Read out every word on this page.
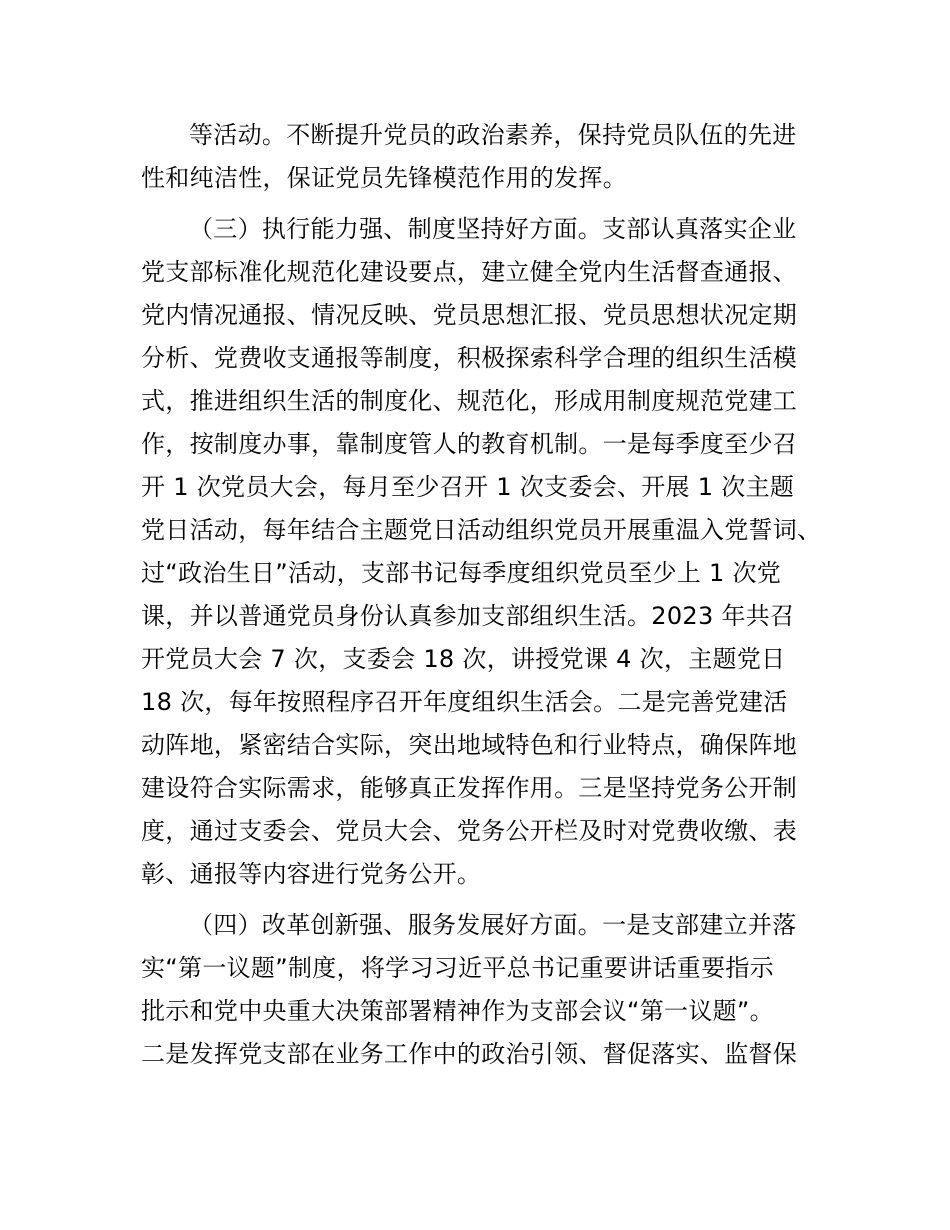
等活动。不断提升党员的政治素养，保持党员队伍的先进
性和纯洁性，保证党员先锋模范作用的发挥。
（三）执行能力强、制度坚持好方面。支部认真落实企业
党支部标准化规范化建设要点，建立健全党内生活督查通报、
党内情况通报、情况反映、党员思想汇报、党员思想状况定期
分析、党费收支通报等制度，积极探索科学合理的组织生活模
式，推进组织生活的制度化、规范化，形成用制度规范党建工
作，按制度办事，靠制度管人的教育机制。一是每季度至少召
开 1 次党员大会，每月至少召开 1 次支委会、开展 1 次主题
党日活动，每年结合主题党日活动组织党员开展重温入党誓词、
过“政治生日”活动，支部书记每季度组织党员至少上 1 次党
课，并以普通党员身份认真参加支部组织生活。2023 年共召
开党员大会 7 次，支委会 18 次，讲授党课 4 次，主题党日
18 次，每年按照程序召开年度组织生活会。二是完善党建活
动阵地，紧密结合实际，突出地域特色和行业特点，确保阵地
建设符合实际需求，能够真正发挥作用。三是坚持党务公开制
度，通过支委会、党员大会、党务公开栏及时对党费收缴、表
彰、通报等内容进行党务公开。
（四）改革创新强、服务发展好方面。一是支部建立并落
实“第一议题”制度，将学习习近平总书记重要讲话重要指示
批示和党中央重大决策部署精神作为支部会议“第一议题”。
二是发挥党支部在业务工作中的政治引领、督促落实、监督保
